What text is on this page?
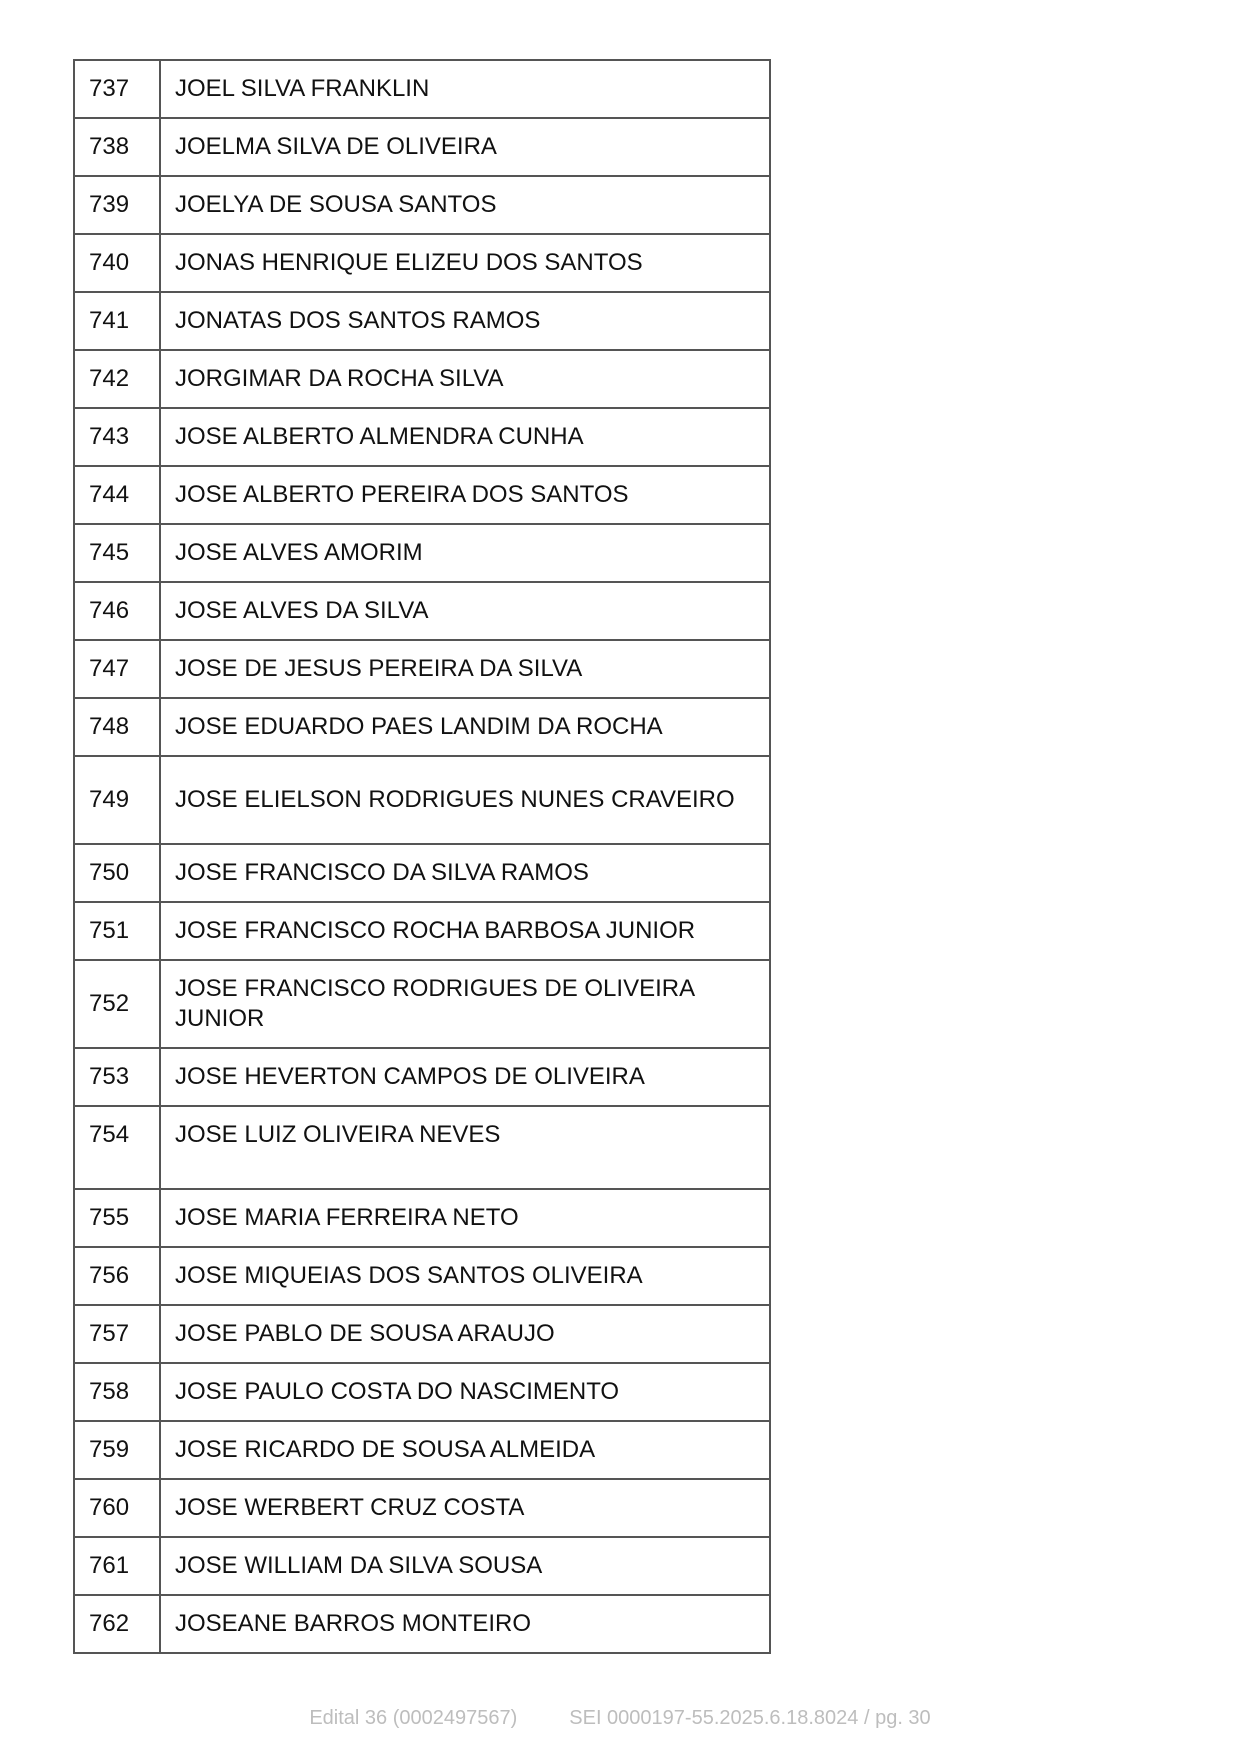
737	JOEL SILVA FRANKLIN
738	JOELMA SILVA DE OLIVEIRA
739	JOELYA DE SOUSA SANTOS
740	JONAS HENRIQUE ELIZEU DOS SANTOS
741	JONATAS DOS SANTOS RAMOS
742	JORGIMAR DA ROCHA SILVA
743	JOSE ALBERTO ALMENDRA CUNHA
744	JOSE ALBERTO PEREIRA DOS SANTOS
745	JOSE ALVES AMORIM
746	JOSE ALVES DA SILVA
747	JOSE DE JESUS PEREIRA DA SILVA
748	JOSE EDUARDO PAES LANDIM DA ROCHA
749	JOSE ELIELSON RODRIGUES NUNES CRAVEIRO
750	JOSE FRANCISCO DA SILVA RAMOS
751	JOSE FRANCISCO ROCHA BARBOSA JUNIOR
752	JOSE FRANCISCO RODRIGUES DE OLIVEIRA JUNIOR
753	JOSE HEVERTON CAMPOS DE OLIVEIRA
754	JOSE LUIZ OLIVEIRA NEVES
755	JOSE MARIA FERREIRA NETO
756	JOSE MIQUEIAS DOS SANTOS OLIVEIRA
757	JOSE PABLO DE SOUSA ARAUJO
758	JOSE PAULO COSTA DO NASCIMENTO
759	JOSE RICARDO DE SOUSA ALMEIDA
760	JOSE WERBERT CRUZ COSTA
761	JOSE WILLIAM DA SILVA SOUSA
762	JOSEANE BARROS MONTEIRO
Edital 36 (0002497567)	SEI 0000197-55.2025.6.18.8024 / pg. 30
